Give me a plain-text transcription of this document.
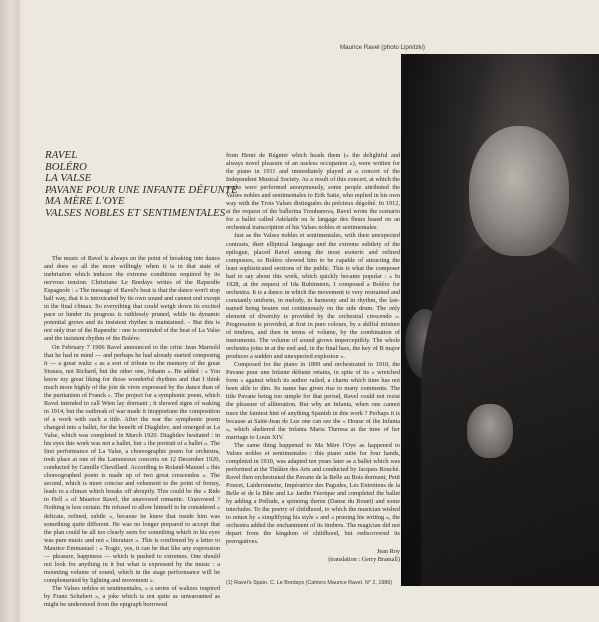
Maurice Ravel (photo Lipnitzki)
RAVEL
BOLÉRO
LA VALSE
PAVANE POUR UNE INFANTE DÉFUNTE
MA MÈRE L'OYE
VALSES NOBLES ET SENTIMENTALES

The music of Ravel is always on the point of breaking into dance and does so all the more willingly when it is in that state of inebriation which induces the extreme conditions required by its nervous tension. Christiane Le Bordays writes of the Rapsodie Espagnole : « The message of Ravel's beat is that the dance won't stop half way, that it is intoxicated by its own sound and cannot end except in the final climax. So everything that could weigh down its excited pace or hinder its progress is ruthlessly pruned, while its dynamic potential grows and its insistent rhythm is maintained. – But this is not only true of the Rapsodie : one is reminded of the beat of La Valse and the insistent rhythm of the Boléro.

On February 7 1906 Ravel announced to the critic Jean Marnold that he had in mind — and perhaps he had already started composing it — a great waltz « as a sort of tribute to the memory of the great Strauss, not Richard, but the other one, Johann ». He added : « You know my great liking for those wonderful rhythms and that I think much more highly of the joie de vivre expressed by the dance than of the puritanism of Franck ». The project for a symphonic poem, which Ravel intended to call Wien lay dormant ; it showed signs of waking in 1914, but the outbreak of war made it inopportune the composition of a work with such a title. After the war the symphonic poem changed into a ballet, for the benefit of Diaghilev, and emerged as La Valse, which was completed in March 1920. Diaghilev hesitated : in his eyes this work was not a ballet, but « the portrait of a ballet ». The first performance of La Valse, a choreographic poem for orchestra, took place at one of the Lamoureux concerts on 12 December 1920, conducted by Camille Chevillard. According to Roland-Manuel » this choreographed poem is made up of two great crescendos ». The second, which is more concise and vehement to the point of frenzy, leads to a climax which breaks off abruptly. This could be the « Ride to Hell » of Maurice Ravel, the unavowed romantic. Unavowed ? Nothing is less certain. He refused to allow himself to be considered « delicate, refined, subtle », because he knew that inside him was something quite different. He was no longer prepared to accept that the plan could be all too clearly seen for something which in his eyes was pure music and not « literature ». This is confirmed by a letter to Maurice Emmanuel : « Tragic, yes, it can be that like any expression — pleasure, happiness — which is pushed to extremes. One should not look for anything in it but what is expressed by the music : a mounting volume of sound, which in the stage performance will be complemented by lighting and movement ».

The Valses nobles et sentimentales, « a series of waltzes inspired by Franz Schubert », a joke which is not quite as unwarranted as might be understood from the epigraph borrowed

from Henri de Régnier which heads them (« the delightful and always novel pleasure of an useless occupation »), were written for the piano in 1911 and immediately played at a concert of the Independent Musical Society. As a result of this concert, at which the works were performed anonymously, some people attributed the Valses nobles and sentimentales to Erik Satie, who replied in his own way with the Trois Valses distinguées du précieux dégoûté. In 1912, at the request of the ballerina Trouhanova, Ravel wrote the scenario for a ballet called Adelaïde ou le langage des fleurs based on an orchestral transcription of his Valses nobles et sentimentales.

Just as the Valses nobles et sentimentales, with their unexpected contrasts, their elliptical language and the extreme subtlety of the epilogue, placed Ravel among the most esoteric and refined composers, so Boléro showed him to be capable of attracting the least sophisticated sections of the public. This is what the composer had to say about this work, which quickly became popular : « In 1928, at the request of Ida Rubinstein, I composed a Boléro for orchestra. It is a dance in which the movement is very restrained and constantly uniform, in melody, in harmony and in rhythm, the last-named being beaten out continuously on the side drum. The only element of diversity is provided by the orchestral crescendo ». Progression is provided, at first in pure colours, by a skilful mixture of timbres, and then in terms of volume, by the combination of instruments. The volume of sound grows imperceptibly. The whole orchestra joins in at the end and, in the final bars, the key of B major produces a sudden and unexpected explosion ».

Composed for the piano in 1899 and orchestrated in 1910, the Pavane pour une Infante défunte retains, in spite of its « wretched form » against which its author railed, a charm which time has not been able to dim. Its name has given rise to many comments. The title Pavane being too simple for that period, Ravel could not resist the pleasure of alliteration. But why an Infanta, when one cannot trace the faintest hint of anything Spanish in this work ? Perhaps it is because at Saint-Jean de Luz one can see the « House of the Infanta », which sheltered the Infanta Maria Theresa at the time of her marriage to Louis XIV.

The same thing happened to Ma Mère l'Oye as happened to Valses nobles et sentimentales : this piano suite for four hands, completed in 1910, was adapted ten years later as a ballet which was performed at the Théâtre des Arts and conducted by Jacques Rouché. Ravel then orchestrated the Pavane de la Belle au Bois dormant, Petit Poucet, Laideronnette, Impératrice des Pagodes, Les Entretiens de la Belle et de la Bête and Le Jardin Féerique and completed the ballet by adding a Prélude, a spinning theme (Danse du Rouet) and some interludes. To the poetry of childhood, to which the musician wished to return by « simplifying his style » and « pruning his writing », the orchestra added the enchantment of its timbres. The magician did not depart from the kingdom of childhood, but rediscovered its prerogatives.

Jean Roy
(translation : Gerry Bramall)
(1) Ravel's Spain. C. Le Bordays (Cahiers Maurice Ravel, N° 2, 1986)
